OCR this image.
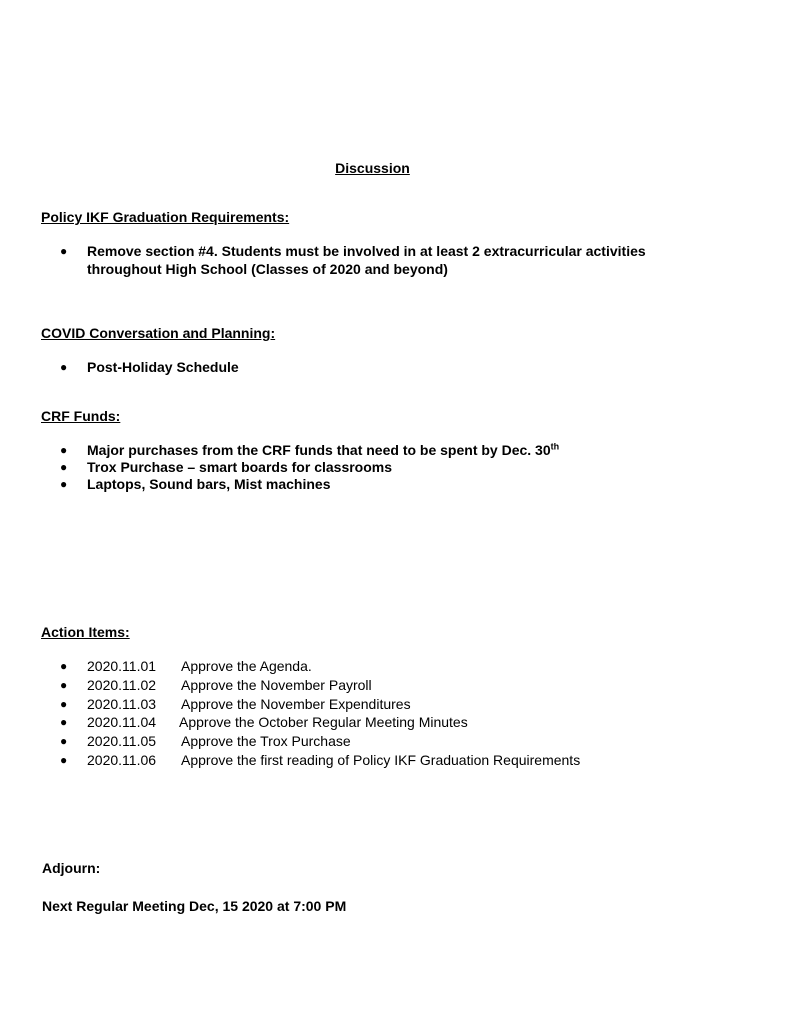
Discussion
Policy IKF Graduation Requirements:
● Remove section #4. Students must be involved in at least 2 extracurricular activities
throughout High School (Classes of 2020 and beyond)
COVID Conversation and Planning:
● Post-Holiday Schedule
CRF Funds:
● Major purchases from the CRF funds that need to be spent by Dec. 30th
● Trox Purchase – smart boards for classrooms
● Laptops, Sound bars, Mist machines
Action Items:
● 2020.11.01 Approve the Agenda.
● 2020.11.02 Approve the November Payroll
● 2020.11.03 Approve the November Expenditures
● 2020.11.04 Approve the October Regular Meeting Minutes
● 2020.11.05 Approve the Trox Purchase
● 2020.11.06 Approve the first reading of Policy IKF Graduation Requirements
Adjourn:
Next Regular Meeting Dec, 15 2020 at 7:00 PM
